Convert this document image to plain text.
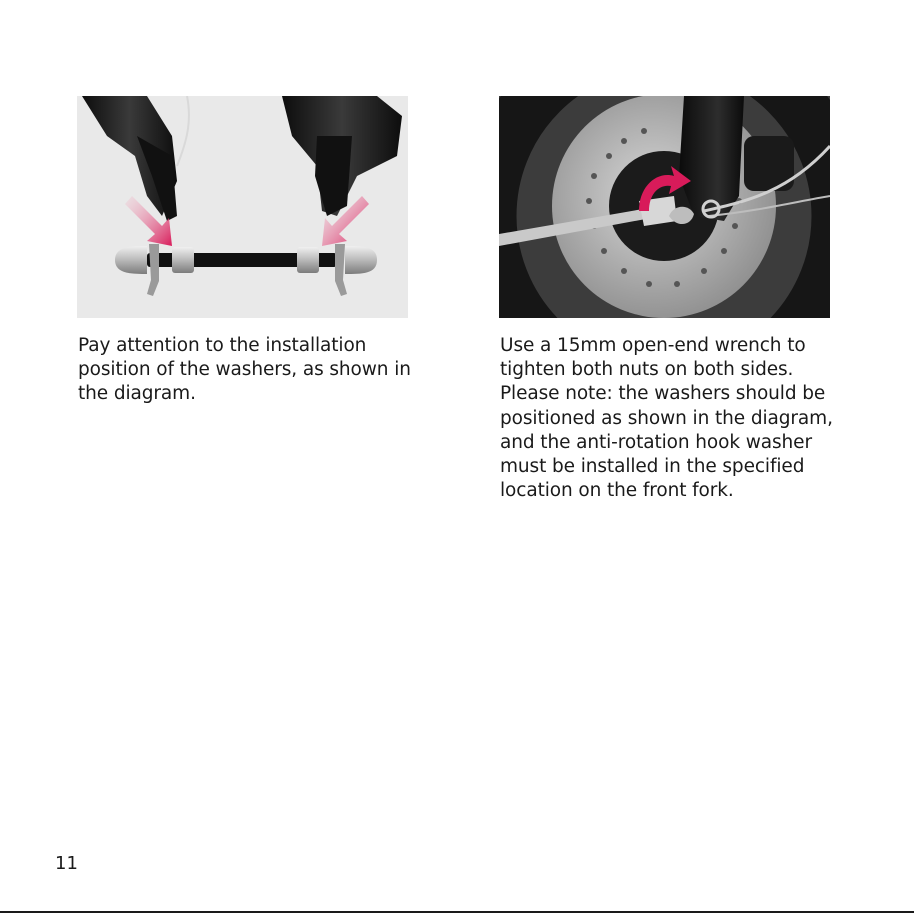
Pay attention to the installation position of the washers, as shown in the diagram.
Use a 15mm open-end wrench to tighten both nuts on both sides. Please note: the washers should be positioned as shown in the diagram, and the anti-rotation hook washer must be installed in the specified location on the front fork.
11
